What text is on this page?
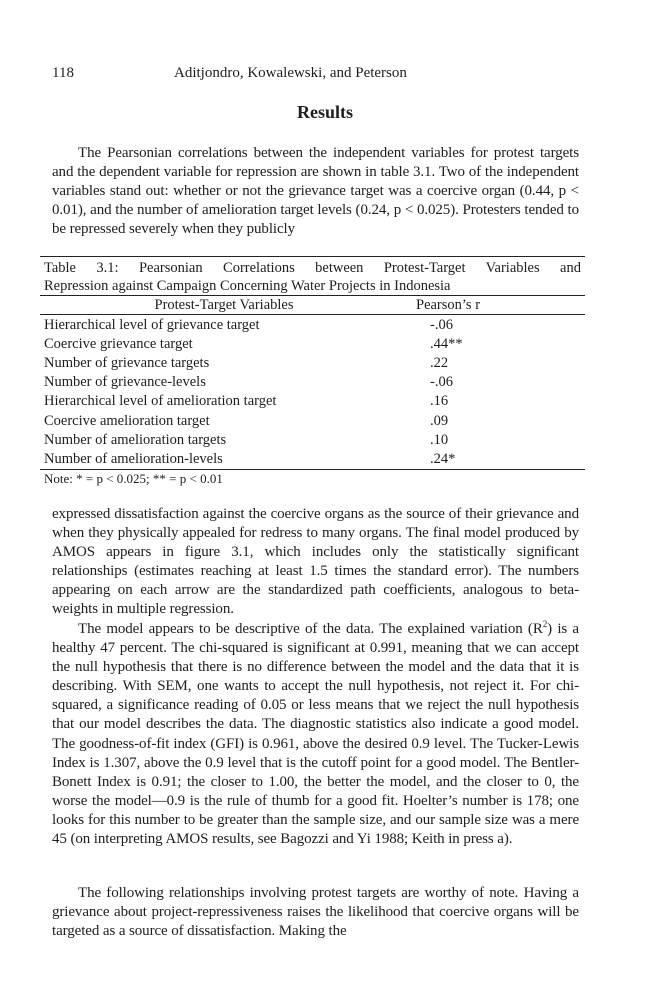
118	Aditjondro, Kowalewski, and Peterson
Results

The Pearsonian correlations between the independent variables for protest targets and the dependent variable for repression are shown in table 3.1. Two of the independent variables stand out: whether or not the grievance target was a coercive organ (0.44, p < 0.01), and the number of amelioration target levels (0.24, p < 0.025). Protesters tended to be repressed severely when they publicly

Table 3.1: Pearsonian Correlations between Protest-Target Variables and
Repression against Campaign Concerning Water Projects in Indonesia
Protest-Target Variables	Pearson’s r
Hierarchical level of grievance target	-.06
Coercive grievance target	.44**
Number of grievance targets	.22
Number of grievance-levels	-.06
Hierarchical level of amelioration target	.16
Coercive amelioration target	.09
Number of amelioration targets	.10
Number of amelioration-levels	.24*
Note: * = p < 0.025; ** = p < 0.01

expressed dissatisfaction against the coercive organs as the source of their grievance and when they physically appealed for redress to many organs. The final model produced by AMOS appears in figure 3.1, which includes only the statistically significant relationships (estimates reaching at least 1.5 times the standard error). The numbers appearing on each arrow are the standardized path coefficients, analogous to beta-weights in multiple regression.

The model appears to be descriptive of the data. The explained variation $(R^2)$ is a healthy 47 percent. The chi-squared is significant at 0.991, meaning that we can accept the null hypothesis that there is no difference between the model and the data that it is describing. With SEM, one wants to accept the null hypothesis, not reject it. For chi-squared, a significance reading of 0.05 or less means that we reject the null hypothesis that our model describes the data. The diagnostic statistics also indicate a good model. The goodness-of-fit index (GFI) is 0.961, above the desired 0.9 level. The Tucker-Lewis Index is 1.307, above the 0.9 level that is the cutoff point for a good model. The Bentler-Bonett Index is 0.91; the closer to 1.00, the better the model, and the closer to 0, the worse the model—0.9 is the rule of thumb for a good fit. Hoelter’s number is 178; one looks for this number to be greater than the sample size, and our sample size was a mere 45 (on interpreting AMOS results, see Bagozzi and Yi 1988; Keith in press a).

The following relationships involving protest targets are worthy of note. Having a grievance about project-repressiveness raises the likelihood that coercive organs will be targeted as a source of dissatisfaction. Making the
